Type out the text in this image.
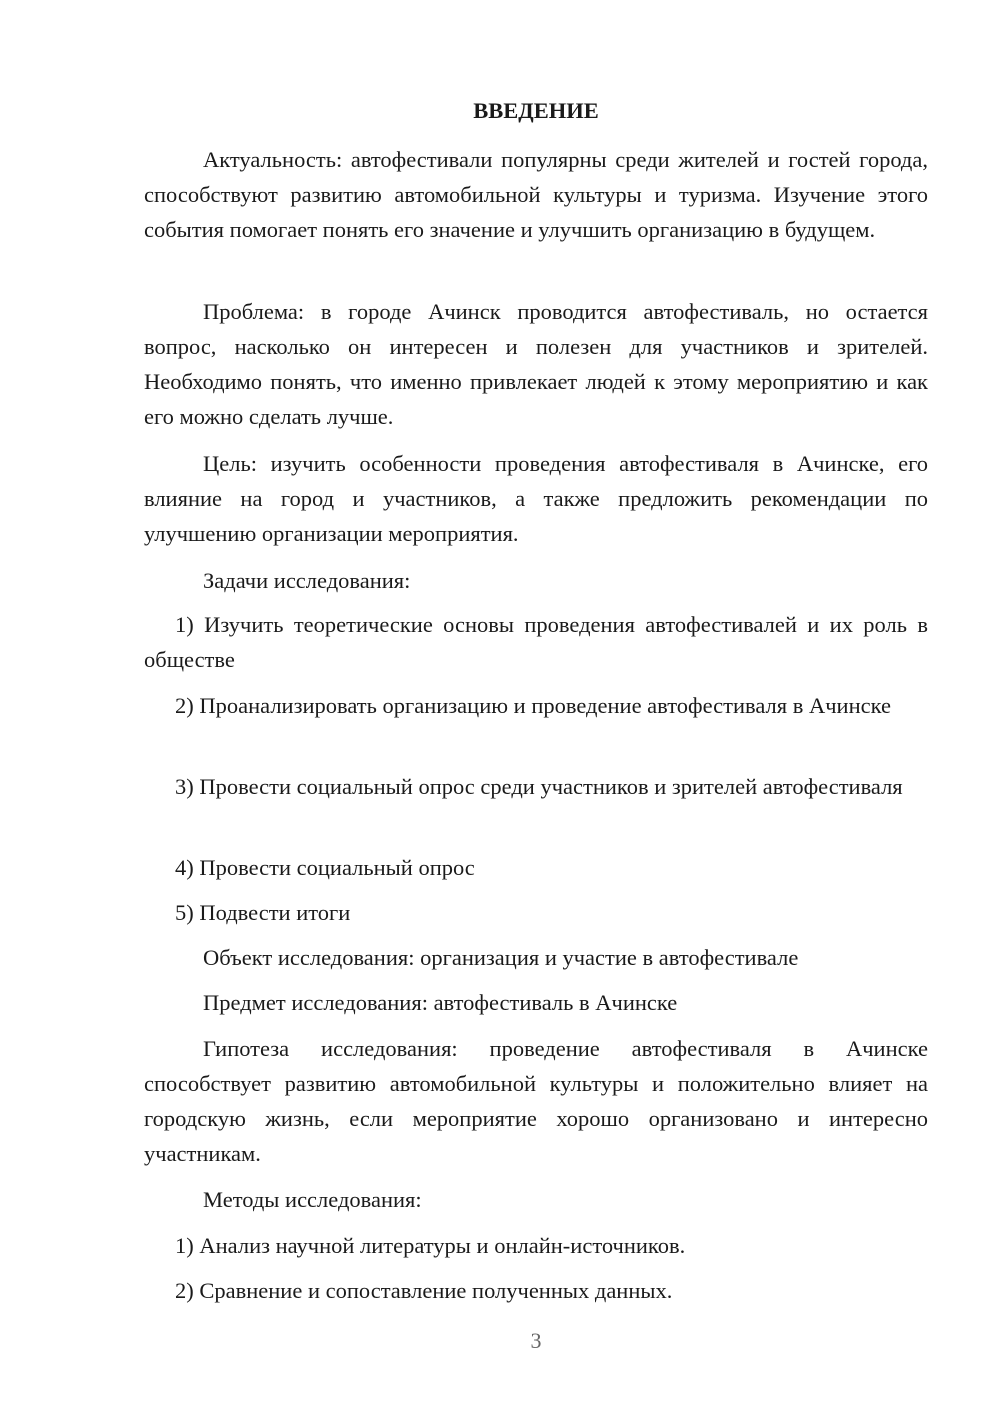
ВВЕДЕНИЕ

Актуальность: автофестивали популярны среди жителей и гостей города, способствуют развитию автомобильной культуры и туризма. Изучение этого события помогает понять его значение и улучшить организацию в будущем.

Проблема: в городе Ачинск проводится автофестиваль, но остается вопрос, насколько он интересен и полезен для участников и зрителей. Необходимо понять, что именно привлекает людей к этому мероприятию и как его можно сделать лучше.

Цель: изучить особенности проведения автофестиваля в Ачинске, его влияние на город и участников, а также предложить рекомендации по улучшению организации мероприятия.

Задачи исследования:

1) Изучить теоретические основы проведения автофестивалей и их роль в обществе

2) Проанализировать организацию и проведение автофестиваля в Ачинске

3) Провести социальный опрос среди участников и зрителей автофестиваля

4) Провести социальный опрос

5) Подвести итоги

Объект исследования: организация и участие в автофестивале

Предмет исследования: автофестиваль в Ачинске

Гипотеза исследования: проведение автофестиваля в Ачинске способствует развитию автомобильной культуры и положительно влияет на городскую жизнь, если мероприятие хорошо организовано и интересно участникам.

Методы исследования:

1) Анализ научной литературы и онлайн-источников.

2) Сравнение и сопоставление полученных данных.

3
